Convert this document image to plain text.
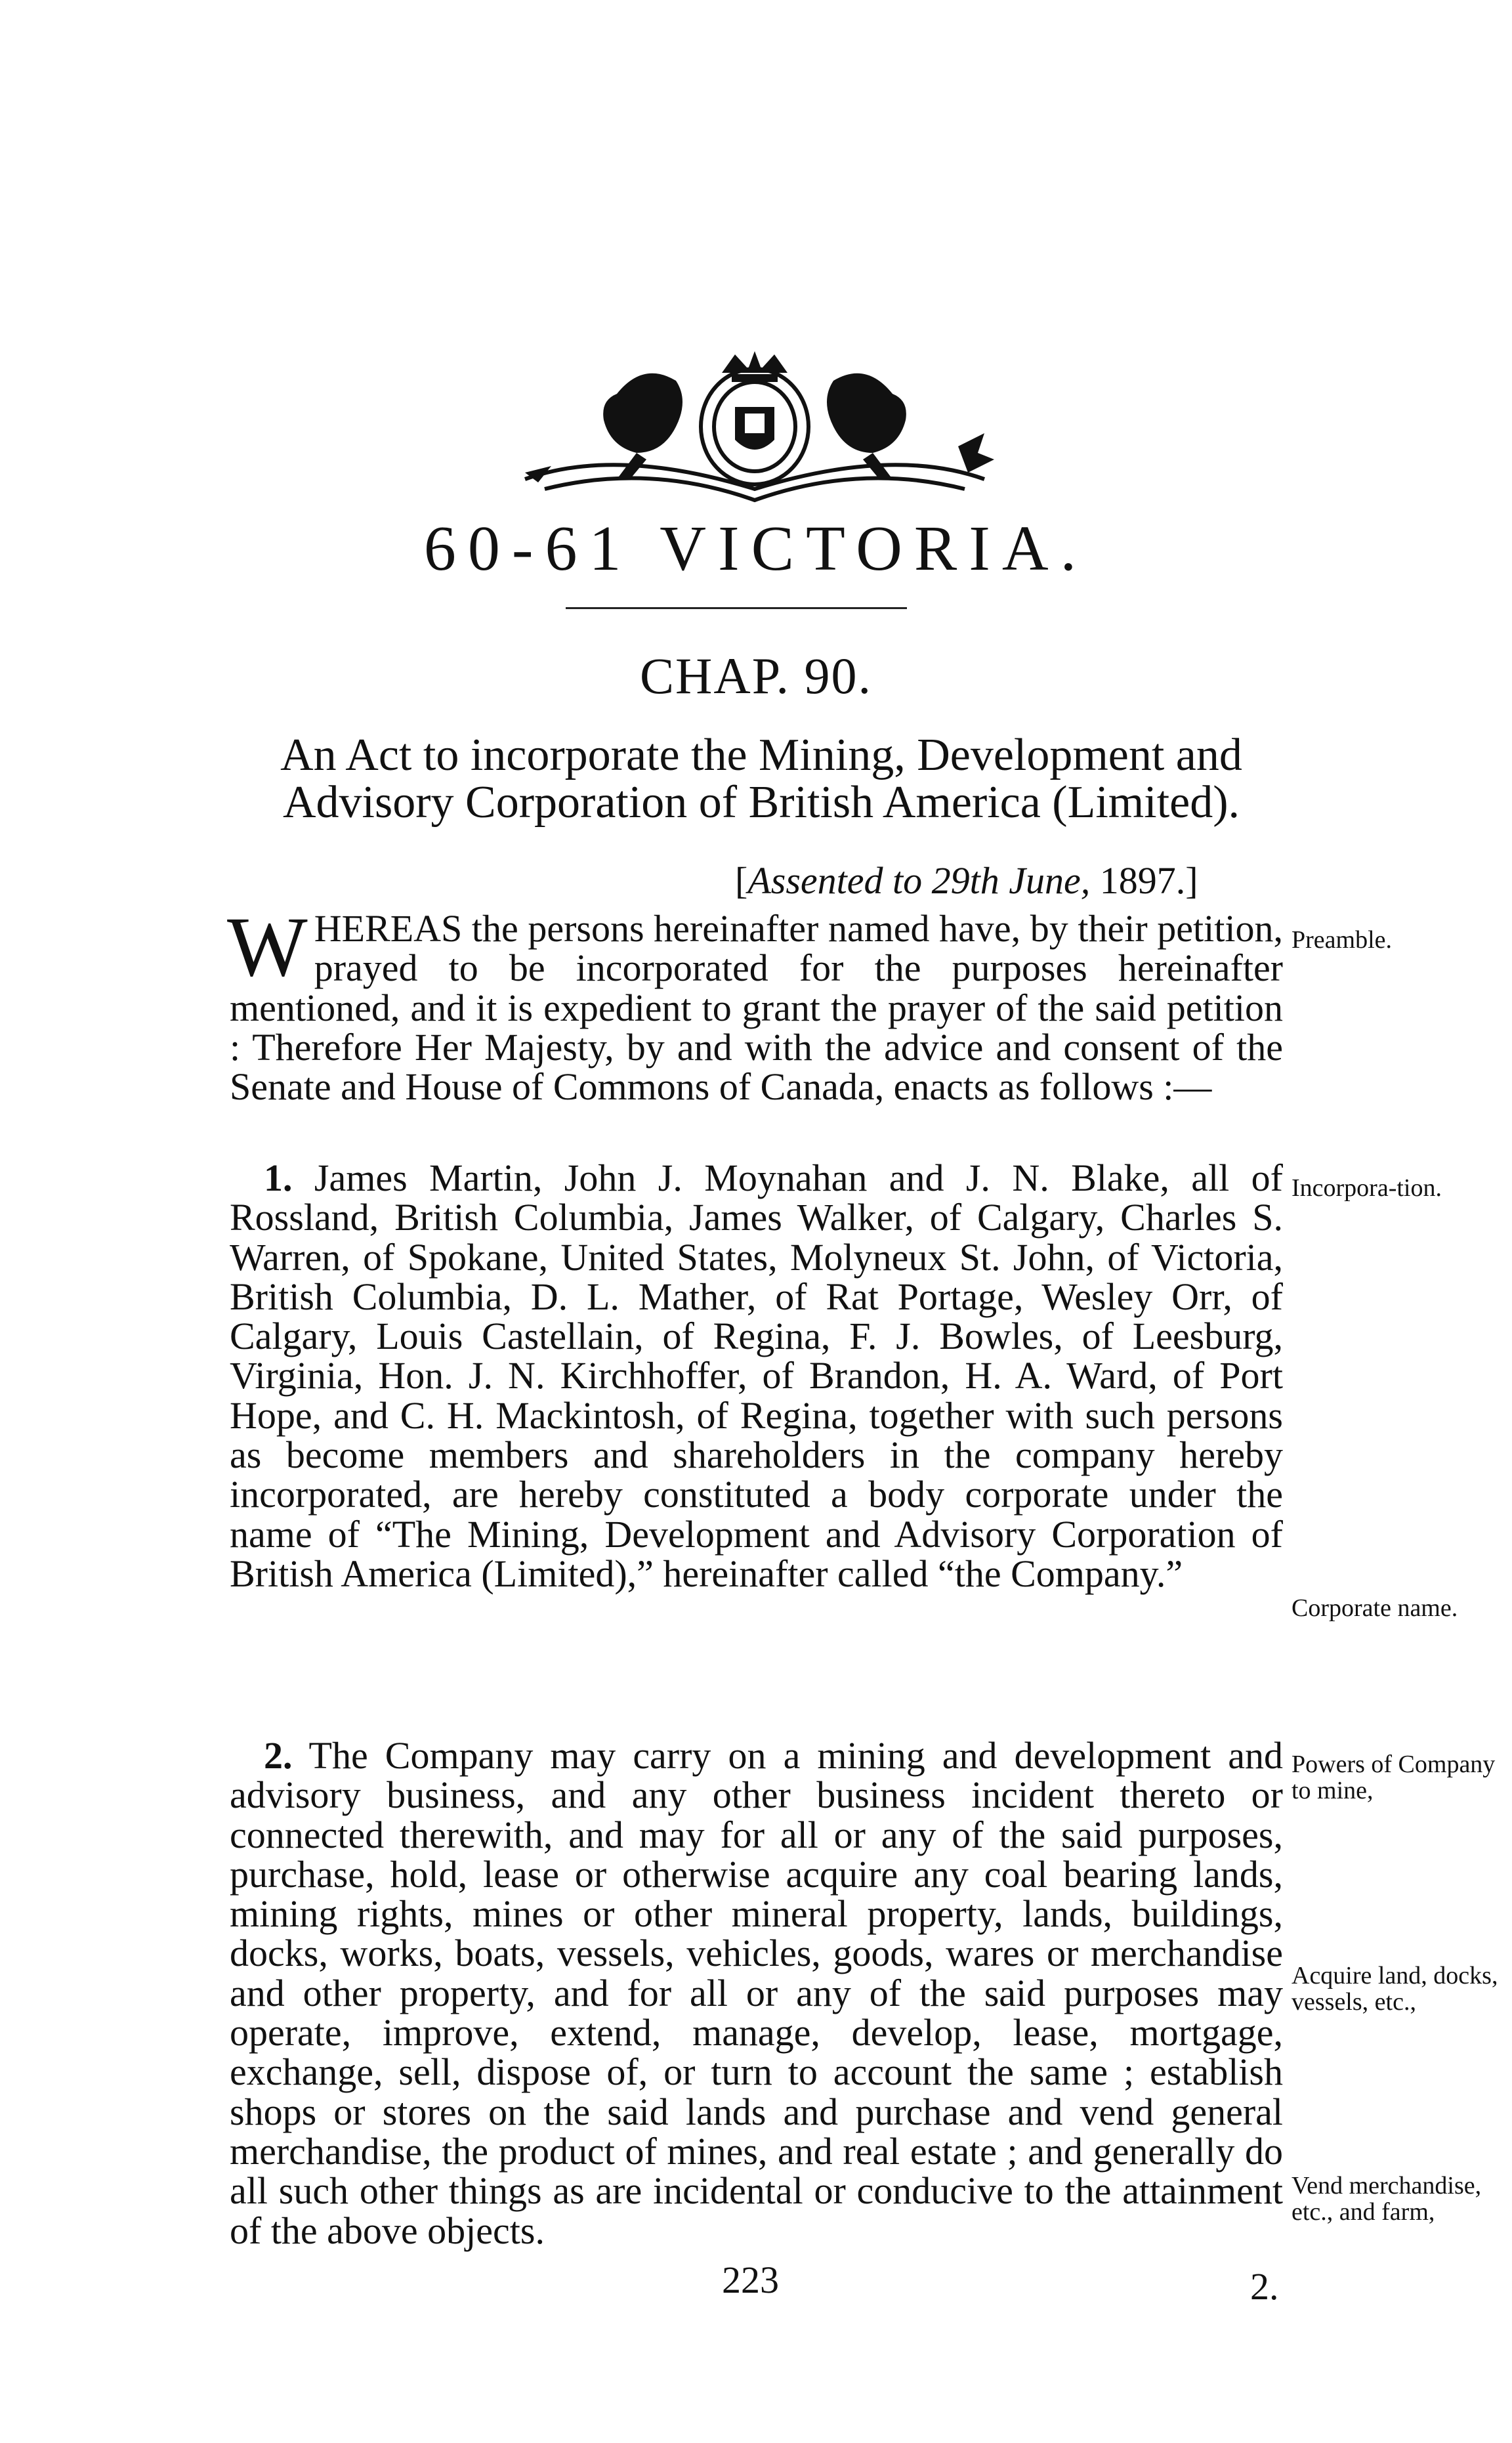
60-61 VICTORIA.
CHAP. 90.
An Act to incorporate the Mining, Development and Advisory Corporation of British America (Limited).
[Assented to 29th June, 1897.]
WHEREAS the persons hereinafter named have, by their petition, prayed to be incorporated for the purposes hereinafter mentioned, and it is expedient to grant the prayer of the said petition : Therefore Her Majesty, by and with the advice and consent of the Senate and House of Commons of Canada, enacts as follows :—
1. James Martin, John J. Moynahan and J. N. Blake, all of Rossland, British Columbia, James Walker, of Calgary, Charles S. Warren, of Spokane, United States, Molyneux St. John, of Victoria, British Columbia, D. L. Mather, of Rat Portage, Wesley Orr, of Calgary, Louis Castellain, of Regina, F. J. Bowles, of Leesburg, Virginia, Hon. J. N. Kirchhoffer, of Brandon, H. A. Ward, of Port Hope, and C. H. Mackintosh, of Regina, together with such persons as become members and shareholders in the company hereby incorporated, are hereby constituted a body corporate under the name of “The Mining, Development and Advisory Corporation of British America (Limited),” hereinafter called “the Company.”
2. The Company may carry on a mining and development and advisory business, and any other business incident thereto or connected therewith, and may for all or any of the said purposes, purchase, hold, lease or otherwise acquire any coal bearing lands, mining rights, mines or other mineral property, lands, buildings, docks, works, boats, vessels, vehicles, goods, wares or merchandise and other property, and for all or any of the said purposes may operate, improve, extend, manage, develop, lease, mortgage, exchange, sell, dispose of, or turn to account the same ; establish shops or stores on the said lands and purchase and vend general merchandise, the product of mines, and real estate ; and generally do all such other things as are incidental or conducive to the attainment of the above objects.
Preamble.
Incorpora-tion.
Corporate name.
Powers of Company to mine,
Acquire land, docks, vessels, etc.,
Vend merchandise, etc., and farm,
223	2.
